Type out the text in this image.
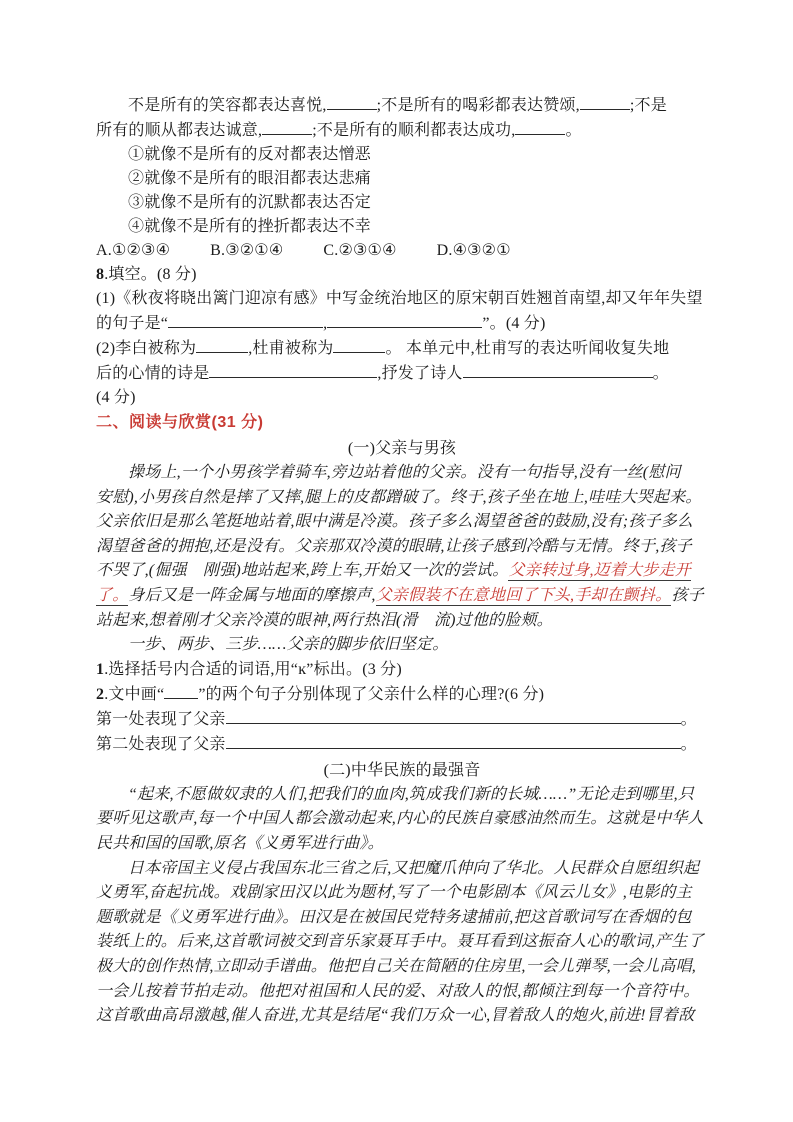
不是所有的笑容都表达喜悦,	;不是所有的喝彩都表达赞颂,	;不是
所有的顺从都表达诚意,	;不是所有的顺利都表达成功,	。
①就像不是所有的反对都表达憎恶
②就像不是所有的眼泪都表达悲痛
③就像不是所有的沉默都表达否定
④就像不是所有的挫折都表达不幸
A.①②③④	B.③②①④	C.②③①④	D.④③②①
8.填空。(8 分)
(1)《秋夜将晓出篱门迎凉有感》中写金统治地区的原宋朝百姓翘首南望,却又年年失望
的句子是“	,	”。(4 分)
(2)李白被称为	,杜甫被称为	。 本单元中,杜甫写的表达听闻收复失地
后的心情的诗是	,抒发了诗人	。
(4 分)
二、阅读与欣赏(31 分)
(一)父亲与男孩
操场上,一个小男孩学着骑车,旁边站着他的父亲。没有一句指导,没有一丝(慰问
安慰),小男孩自然是摔了又摔,腿上的皮都蹭破了。终于,孩子坐在地上,哇哇大哭起来。
父亲依旧是那么笔挺地站着,眼中满是冷漠。孩子多么渴望爸爸的鼓励,没有;孩子多么
渴望爸爸的拥抱,还是没有。父亲那双冷漠的眼睛,让孩子感到冷酷与无情。终于,孩子
不哭了,(倔强　刚强)地站起来,跨上车,开始又一次的尝试。父亲转过身,迈着大步走开
了。身后又是一阵金属与地面的摩擦声,父亲假装不在意地回了下头,手却在颤抖。孩子
站起来,想着刚才父亲冷漠的眼神,两行热泪(滑　流)过他的脸颊。
一步、两步、三步……父亲的脚步依旧坚定。
1.选择括号内合适的词语,用“ĸ”标出。(3 分)
2.文中画“ ”的两个句子分别体现了父亲什么样的心理?(6 分)
第一处表现了父亲	。
第二处表现了父亲	。
(二)中华民族的最强音
“起来,不愿做奴隶的人们,把我们的血肉,筑成我们新的长城……”无论走到哪里,只
要听见这歌声,每一个中国人都会激动起来,内心的民族自豪感油然而生。这就是中华人
民共和国的国歌,原名《义勇军进行曲》。
日本帝国主义侵占我国东北三省之后,又把魔爪伸向了华北。人民群众自愿组织起
义勇军,奋起抗战。戏剧家田汉以此为题材,写了一个电影剧本《风云儿女》,电影的主
题歌就是《义勇军进行曲》。田汉是在被国民党特务逮捕前,把这首歌词写在香烟的包
装纸上的。后来,这首歌词被交到音乐家聂耳手中。聂耳看到这振奋人心的歌词,产生了
极大的创作热情,立即动手谱曲。他把自己关在简陋的住房里,一会儿弹琴,一会儿高唱,
一会儿按着节拍走动。他把对祖国和人民的爱、对敌人的恨,都倾注到每一个音符中。
这首歌曲高昂激越,催人奋进,尤其是结尾“我们万众一心,冒着敌人的炮火,前进!冒着敌
